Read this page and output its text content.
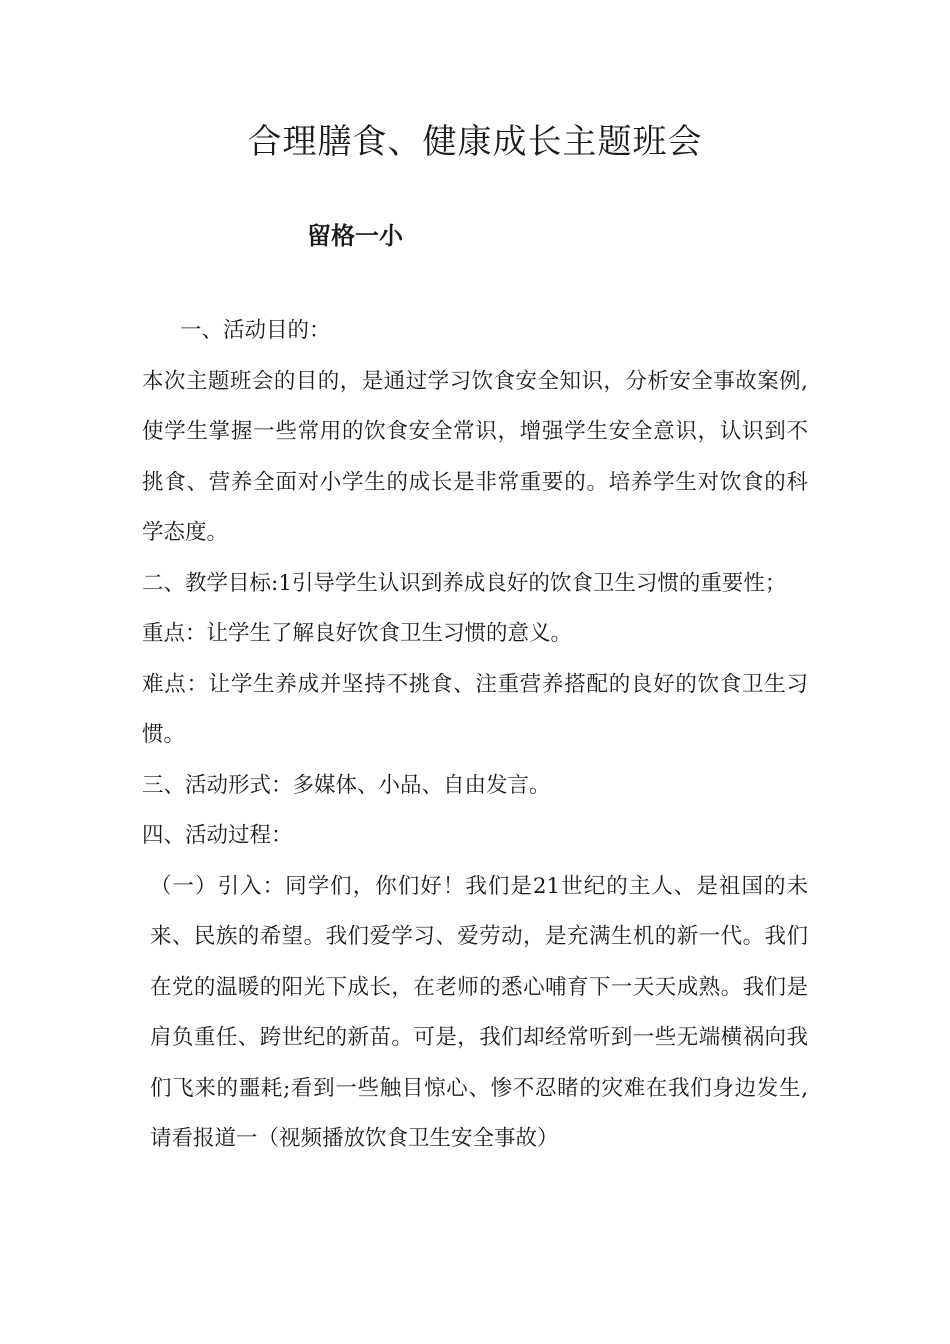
合理膳食、健康成长主题班会
留格一小

一、活动目的：

本次主题班会的目的，是通过学习饮食安全知识，分析安全事故案例,使学生掌握一些常用的饮食安全常识，增强学生安全意识，认识到不挑食、营养全面对小学生的成长是非常重要的。培养学生对饮食的科学态度。

二、教学目标:1引导学生认识到养成良好的饮食卫生习惯的重要性；

重点：让学生了解良好饮食卫生习惯的意义。

难点：让学生养成并坚持不挑食、注重营养搭配的良好的饮食卫生习惯。

三、活动形式：多媒体、小品、自由发言。

四、活动过程：

（一）引入：同学们，你们好！我们是21世纪的主人、是祖国的未来、民族的希望。我们爱学习、爱劳动，是充满生机的新一代。我们在党的温暖的阳光下成长，在老师的悉心哺育下一天天成熟。我们是肩负重任、跨世纪的新苗。可是，我们却经常听到一些无端横祸向我们飞来的噩耗;看到一些触目惊心、惨不忍睹的灾难在我们身边发生,请看报道一（视频播放饮食卫生安全事故）
